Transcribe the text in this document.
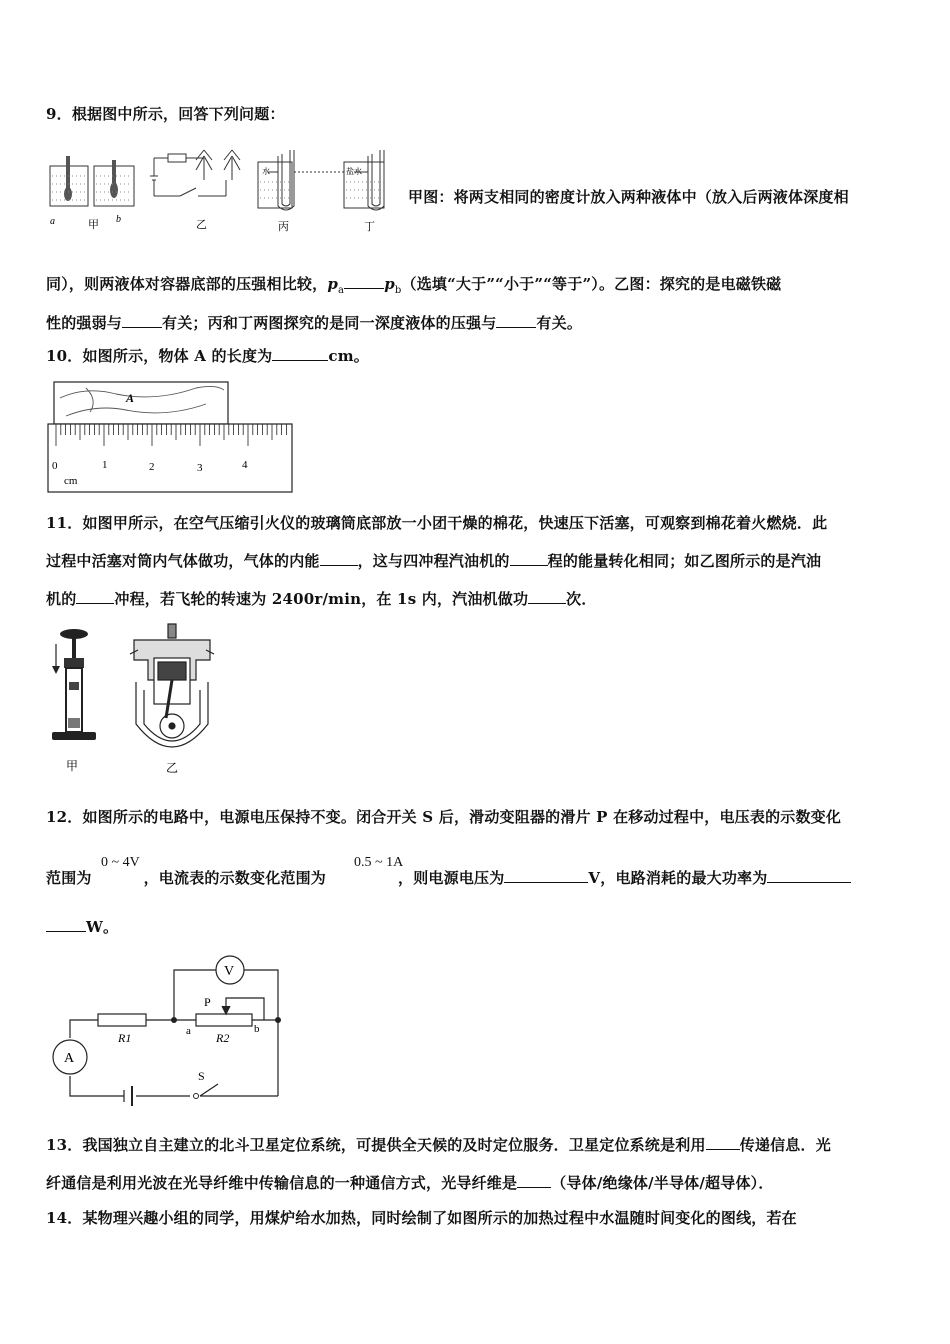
9．根据图中所示，回答下列问题：
a	甲 b	乙
水
丙
盐水
丁
甲图：将两支相同的密度计放入两种液体中（放入后两液体深度相
同），则两液体对容器底部的压强相比较，$p_a$	$p_b$（选填“大于”“小于”“等于”）。乙图：探究的是电磁铁磁
性的强弱与	有关；丙和丁两图探究的是同一深度液体的压强与	有关。
10．如图所示，物体 A 的长度为	cm。
A
0	1	2	3	4
cm
11．如图甲所示，在空气压缩引火仪的玻璃筒底部放一小团干燥的棉花，快速压下活塞，可观察到棉花着火燃烧．此
过程中活塞对筒内气体做功，气体的内能	，这与四冲程汽油机的	程的能量转化相同；如乙图所示的是汽油
机的	冲程，若飞轮的转速为 2400r/min，在 1s 内，汽油机做功	次．
甲	乙
12．如图所示的电路中，电源电压保持不变。闭合开关 S 后，滑动变阻器的滑片 P 在移动过程中，电压表的示数变化
0 ~ 4V	0.5 ~ 1A
范围为	，电流表的示数变化范围为	，则电源电压为	V，电路消耗的最大功率为
W。
V
A
P
R1	R2
a	b
S
13．我国独立自主建立的北斗卫星定位系统，可提供全天候的及时定位服务．卫星定位系统是利用 传递信息．光
纤通信是利用光波在光导纤维中传输信息的一种通信方式，光导纤维是 （导体/绝缘体/半导体/超导体）．
14．某物理兴趣小组的同学，用煤炉给水加热，同时绘制了如图所示的加热过程中水温随时间变化的图线，若在
